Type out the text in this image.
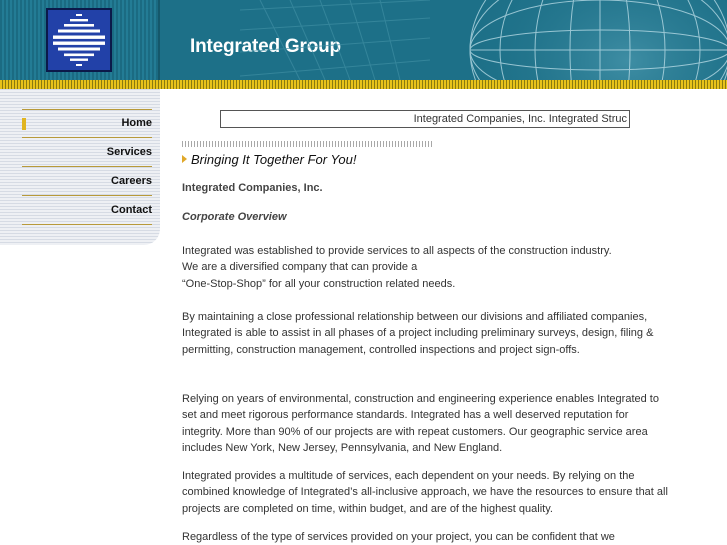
Integrated Group
Home
Services
Careers
Contact
Integrated Companies, Inc. Integrated Struc
Bringing It Together For You!
Integrated Companies, Inc.
Corporate Overview
Integrated was established to provide services to all aspects of the construction industry.
We are a diversified company that can provide a
“One-Stop-Shop” for all your construction related needs.
By maintaining a close professional relationship between our divisions and affiliated companies, Integrated is able to assist in all phases of a project including preliminary surveys, design, filing & permitting, construction management, controlled inspections and project sign-offs.
Relying on years of environmental, construction and engineering experience enables Integrated to set and meet rigorous performance standards. Integrated has a well deserved reputation for integrity. More than 90% of our projects are with repeat customers. Our geographic service area includes New York, New Jersey, Pennsylvania, and New England.
Integrated provides a multitude of services, each dependent on your needs. By relying on the combined knowledge of Integrated’s all-inclusive approach, we have the resources to ensure that all projects are completed on time, within budget, and are of the highest quality.
Regardless of the type of services provided on your project, you can be confident that we
